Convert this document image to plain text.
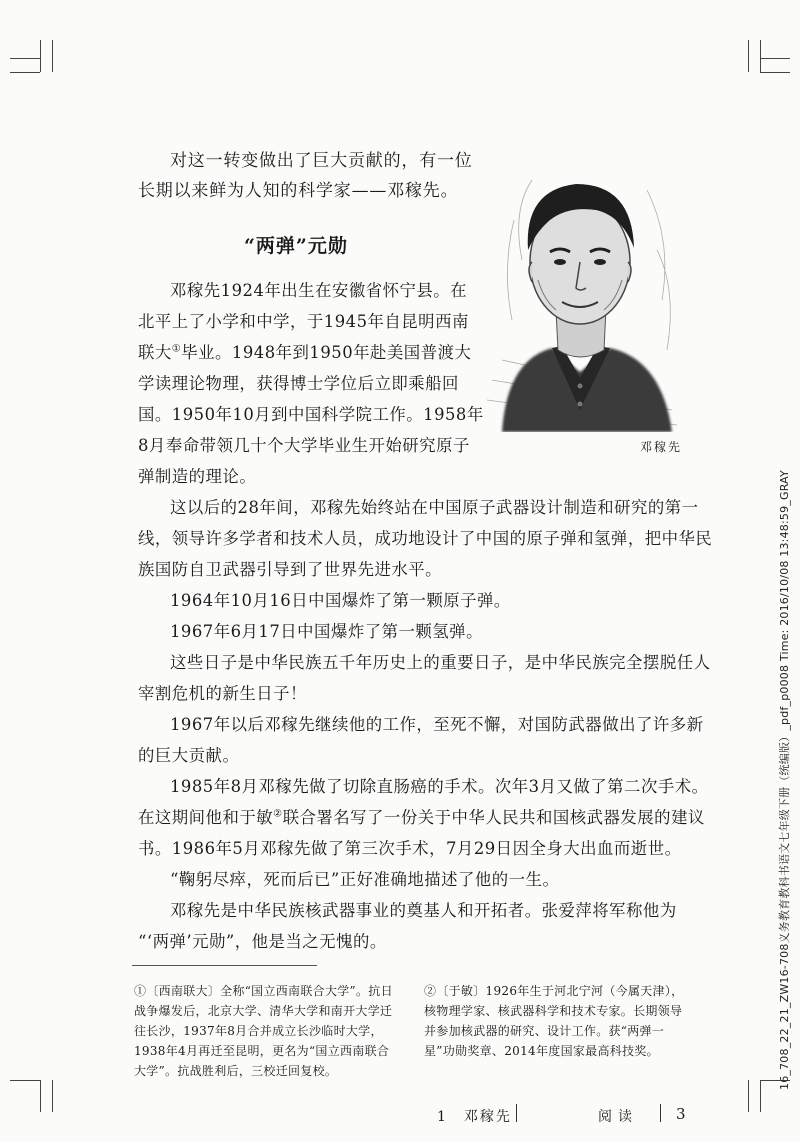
对这一转变做出了巨大贡献的，有一位

长期以来鲜为人知的科学家——邓稼先。

“两弹”元勋
邓稼先

邓稼先1924年出生在安徽省怀宁县。在

北平上了小学和中学，于1945年自昆明西南

联大①毕业。1948年到1950年赴美国普渡大

学读理论物理，获得博士学位后立即乘船回

国。1950年10月到中国科学院工作。1958年

8月奉命带领几十个大学毕业生开始研究原子

弹制造的理论。

这以后的28年间，邓稼先始终站在中国原子武器设计制造和研究的第一

线，领导许多学者和技术人员，成功地设计了中国的原子弹和氢弹，把中华民

族国防自卫武器引导到了世界先进水平。

1964年10月16日中国爆炸了第一颗原子弹。

1967年6月17日中国爆炸了第一颗氢弹。

这些日子是中华民族五千年历史上的重要日子，是中华民族完全摆脱任人

宰割危机的新生日子！

1967年以后邓稼先继续他的工作，至死不懈，对国防武器做出了许多新

的巨大贡献。

1985年8月邓稼先做了切除直肠癌的手术。次年3月又做了第二次手术。

在这期间他和于敏②联合署名写了一份关于中华人民共和国核武器发展的建议

书。1986年5月邓稼先做了第三次手术，7月29日因全身大出血而逝世。

“鞠躬尽瘁，死而后已”正好准确地描述了他的一生。

邓稼先是中华民族核武器事业的奠基人和开拓者。张爱萍将军称他为

“‘两弹’元勋”，他是当之无愧的。

①〔西南联大〕全称“国立西南联合大学”。抗日战争爆发后，北京大学、清华大学和南开大学迁往长沙，1937年8月合并成立长沙临时大学，1938年4月再迁至昆明，更名为“国立西南联合大学”。抗战胜利后，三校迁回复校。
②〔于敏〕1926年生于河北宁河（今属天津），核物理学家、核武器科学和技术专家。长期领导并参加核武器的研究、设计工作。获“两弹一星”功勋奖章、2014年度国家最高科技奖。
1　邓稼先	阅读	3
16_708_22_21_ZW16-708义务教育教科书语文七年级下册（统编版）_pdf_p0008 Time: 2016/10/08 13:48:59_GRAY
